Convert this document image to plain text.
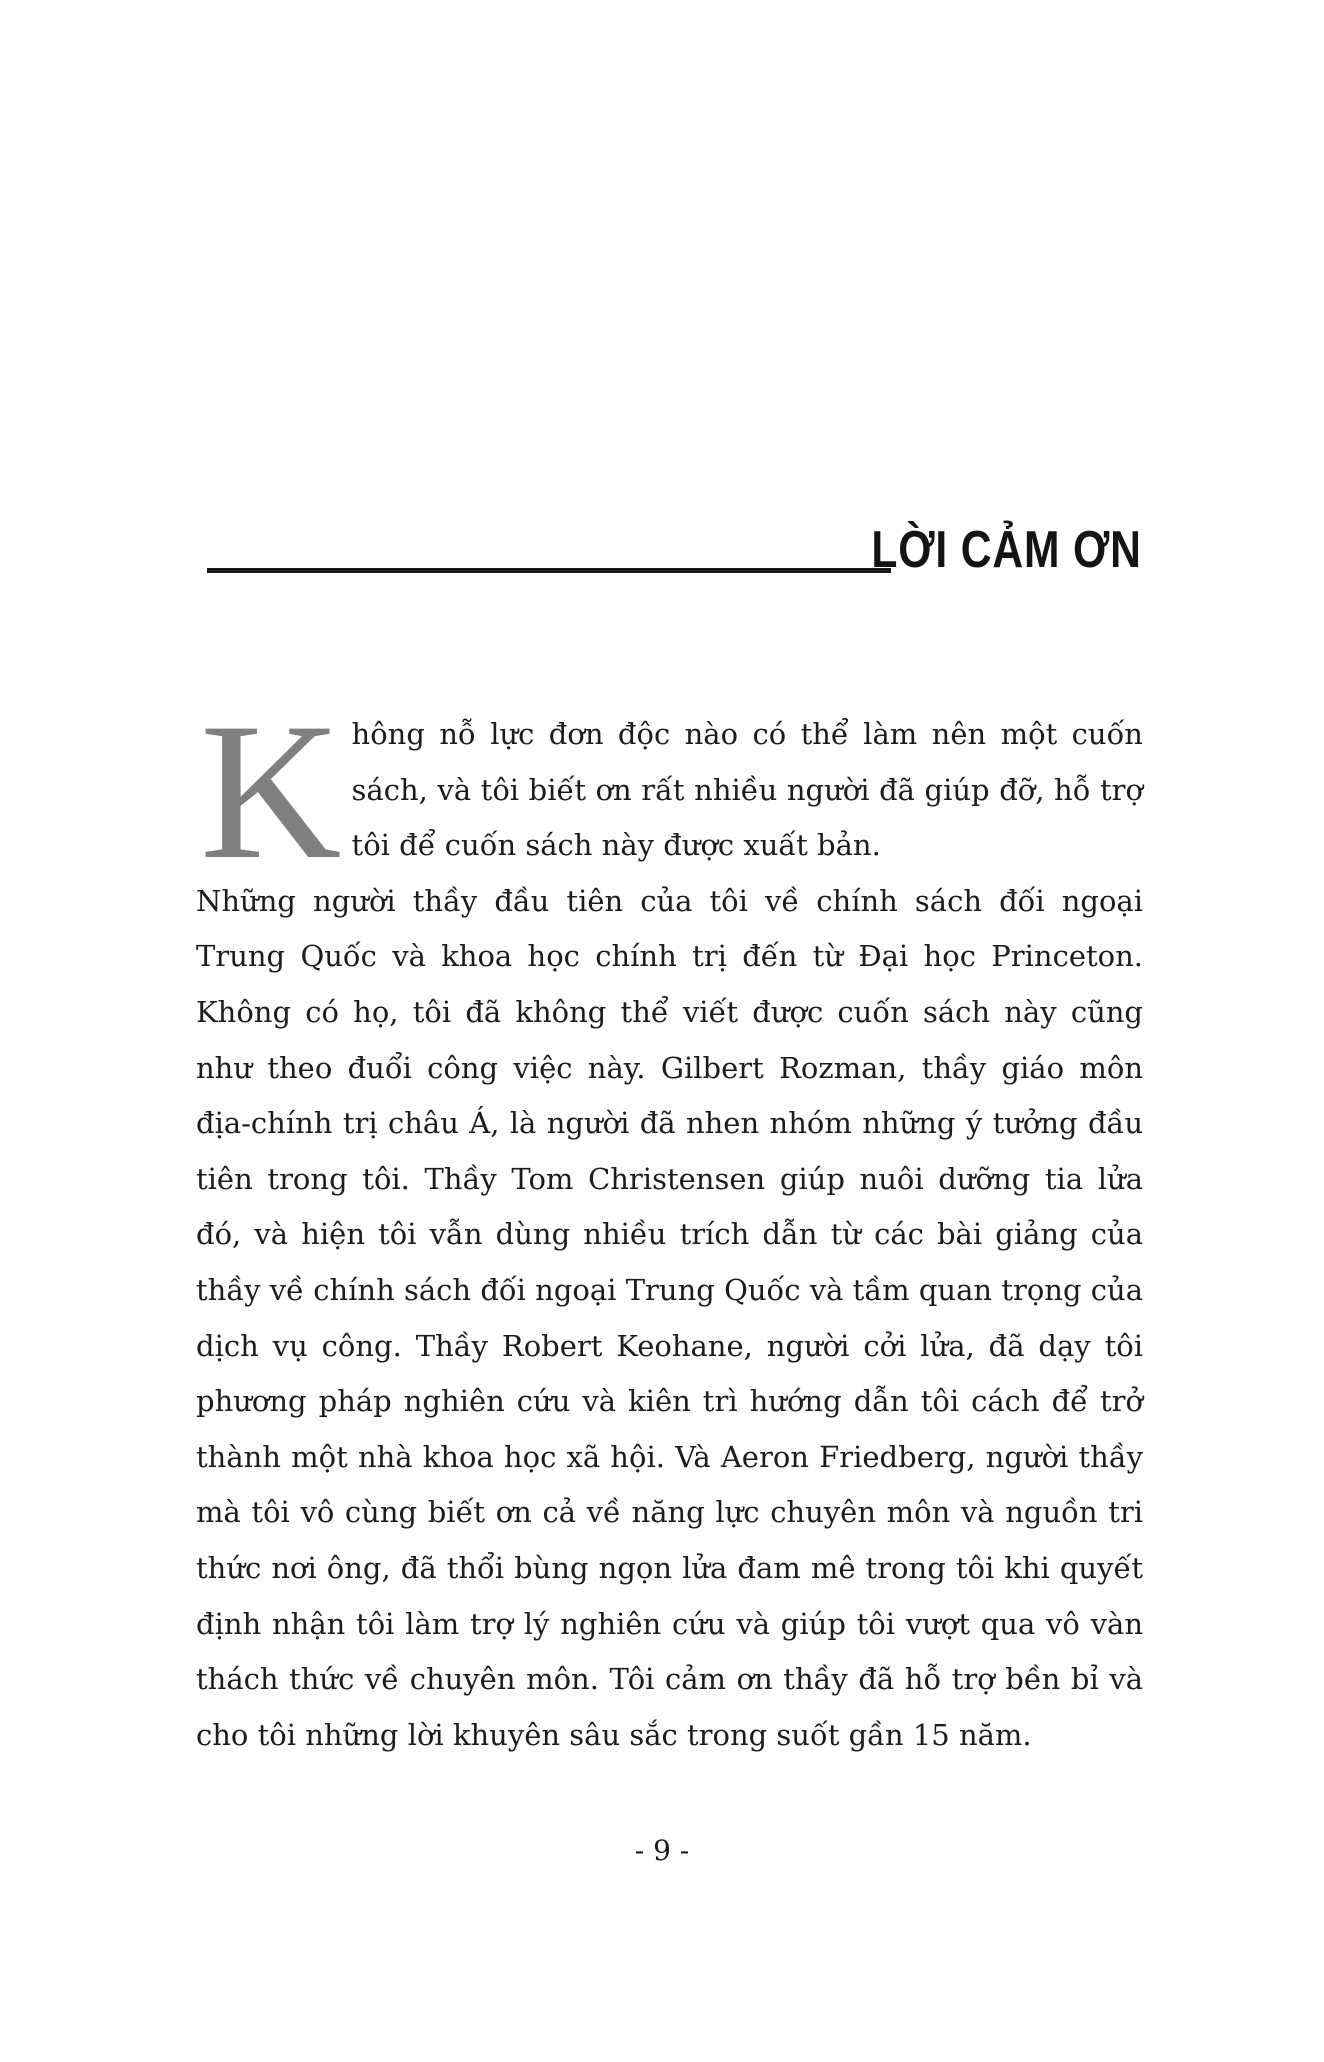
LỜI CẢM ƠN

Không nỗ lực đơn độc nào có thể làm nên một cuốn sách, và tôi biết ơn rất nhiều người đã giúp đỡ, hỗ trợ tôi để cuốn sách này được xuất bản.

Những người thầy đầu tiên của tôi về chính sách đối ngoại Trung Quốc và khoa học chính trị đến từ Đại học Princeton. Không có họ, tôi đã không thể viết được cuốn sách này cũng như theo đuổi công việc này. Gilbert Rozman, thầy giáo môn địa-chính trị châu Á, là người đã nhen nhóm những ý tưởng đầu tiên trong tôi. Thầy Tom Christensen giúp nuôi dưỡng tia lửa đó, và hiện tôi vẫn dùng nhiều trích dẫn từ các bài giảng của thầy về chính sách đối ngoại Trung Quốc và tầm quan trọng của dịch vụ công. Thầy Robert Keohane, người cởi lửa, đã dạy tôi phương pháp nghiên cứu và kiên trì hướng dẫn tôi cách để trở thành một nhà khoa học xã hội. Và Aeron Friedberg, người thầy mà tôi vô cùng biết ơn cả về năng lực chuyên môn và nguồn tri thức nơi ông, đã thổi bùng ngọn lửa đam mê trong tôi khi quyết định nhận tôi làm trợ lý nghiên cứu và giúp tôi vượt qua vô vàn thách thức về chuyên môn. Tôi cảm ơn thầy đã hỗ trợ bền bỉ và cho tôi những lời khuyên sâu sắc trong suốt gần 15 năm.

- 9 -
